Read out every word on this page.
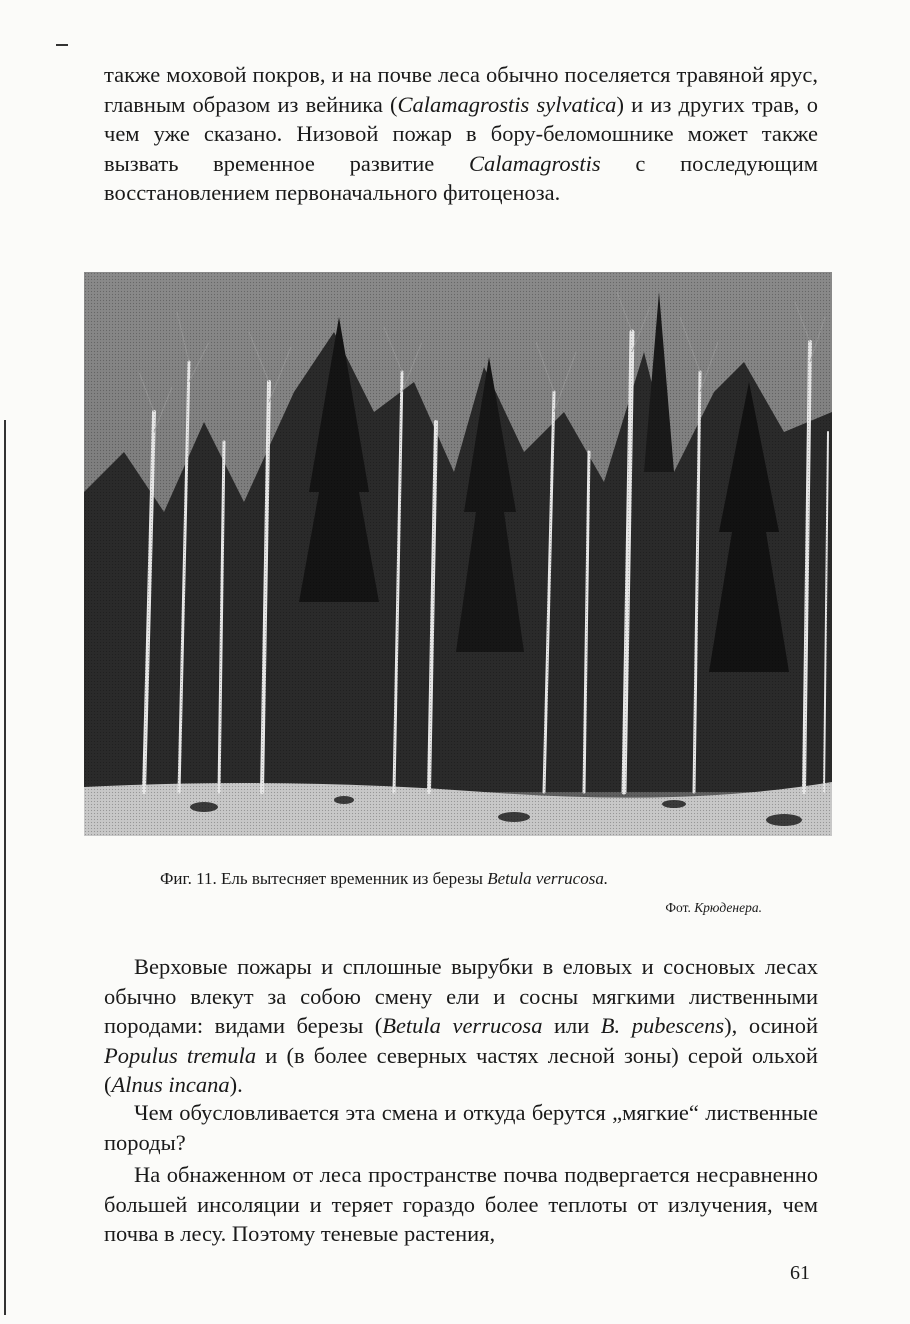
также моховой покров, и на почве леса обычно поселяется травяной ярус, главным образом из вейника (Calamagrostis sylvatica) и из других трав, о чем уже сказано. Низовой пожар в бору-беломошнике может также вызвать временное развитие Calamagrostis с последующим восстановлением первоначального фитоценоза.

Фиг. 11. Ель вытесняет временник из березы Betula verrucosa.
Фот. Крюденера.

Верховые пожары и сплошные вырубки в еловых и сосновых лесах обычно влекут за собою смену ели и сосны мягкими лиственными породами: видами березы (Betula verrucosa или B. pubescens), осиной Populus tremula и (в более северных частях лесной зоны) серой ольхой (Alnus incana).

Чем обусловливается эта смена и откуда берутся „мягкие“ лиственные породы?

На обнаженном от леса пространстве почва подвергается несравненно большей инсоляции и теряет гораздо более теплоты от излучения, чем почва в лесу. Поэтому теневые растения,

61
